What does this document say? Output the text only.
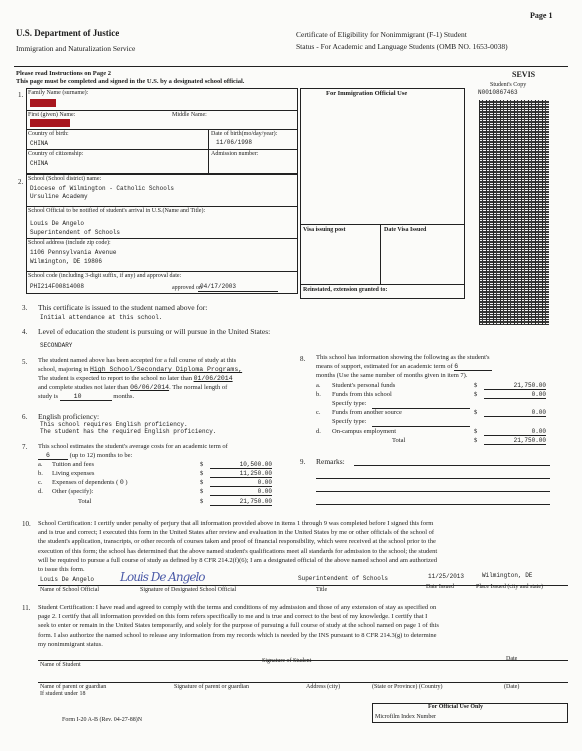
Page 1
U.S. Department of Justice
Immigration and Naturalization Service
Certificate of Eligibility for Nonimmigrant (F-1) Student
Status - For Academic and Language Students (OMB NO. 1653-0038)
Please read Instructions on Page 2
This page must be completed and signed in the U.S. by a designated school official.
SEVIS
1. Family Name (surname):
First (given) Name:	Middle Name:
Country of birth:
CHINA
Date of birth(mo/day/year):
11/06/1998
Country of citizenship:
CHINA
Admission number:
For Immigration Official Use
Visa issuing post	Date Visa Issued
Reinstated, extension granted to:
Student's Copy
N0010867463
2. School (School district) name:
Diocese of Wilmington - Catholic Schools
Ursuline Academy
School Official to be notified of student's arrival in U.S.(Name and Title):
Louis De Angelo
Superintendent of Schools
School address (include zip code):
1106 Pennsylvania Avenue
Wilmington, DE 19806
School code (including 3-digit suffix, if any) and approval date:
PHI214F00814008	approved on
04/17/2003
3. This certificate is issued to the student named above for:
Initial attendance at this school.
4. Level of education the student is pursuing or will pursue in the United States:
SECONDARY
5. The student named above has been accepted for a full course of study at this
school, majoring in High School/Secondary Diploma Programs,
The student is expected to report to the school no later than 01/06/2014
and complete studies not later than 06/06/2014. The normal length of
study is 10	months.
6. English proficiency:
This school requires English proficiency.
The student has the required English proficiency.
7. This school estimates the student's average costs for an academic term of
6	(up to 12) months to be:
a. Tuition and fees	$	10,500.00
b. Living expenses	$	11,250.00
c. Expenses of dependents ( 0 )	$	0.00
d. Other (specify):	$	0.00
Total	$	21,750.00
8. This school has information showing the following as the student's
means of support, estimated for an academic term of 6
months (Use the same number of months given in item 7).
a. Student's personal funds	$	21,750.00
b. Funds from this school	$	0.00
Specify type:
c. Funds from another source	$	0.00
Specify type:
d. On-campus employment	$	0.00
Total	$	21,750.00
9. Remarks:
10. School Certification: I certify under penalty of perjury that all information provided above in items 1 through 9 was completed before I signed this form
and is true and correct; I executed this form in the United States after review and evaluation in the United States by me or other officials of the school of
the student's application, transcripts, or other records of courses taken and proof of financial responsibility, which were received at the school prior to the
execution of this form; the school has determined that the above named student's qualifications meet all standards for admission to the school; the student
will be required to pursue a full course of study as defined by 8 CFR 214.2(f)(6); I am a designated official of the above named school and am authorized
to issue this form.
Louis De Angelo Louis De Angelo	Superintendent of Schools	11/25/2013	Wilmington, DE
Name of School Official	Signature of Designated School Official	Title	Date Issued	Place Issued (city and state)
11. Student Certification: I have read and agreed to comply with the terms and conditions of my admission and those of any extension of stay as specified on
page 2. I certify that all information provided on this form refers specifically to me and is true and correct to the best of my knowledge. I certify that I
seek to enter or remain in the United States temporarily, and solely for the purpose of pursuing a full course of study at the school named on page 1 of this
form. I also authorize the named school to release any information from my records which is needed by the INS pursuant to 8 CFR 214.3(g) to determine
my nonimmigrant status.
Name of Student
Signature of Student	Date
Name of parent or guardian
If student under 18
Signature of parent or guardian	Address (city)	(State or Province) (Country)	(Date)
Form I-20 A-B (Rev. 04-27-88)N
For Official Use Only
Microfilm Index Number
